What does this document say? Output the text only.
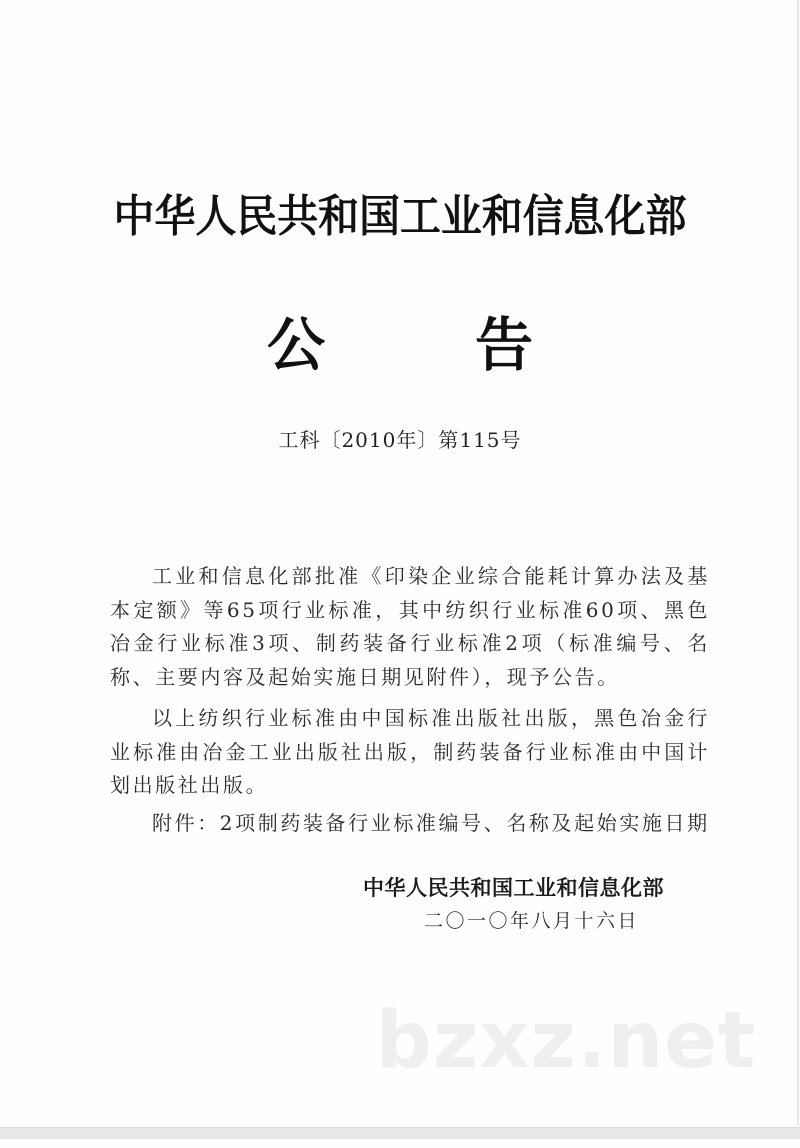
中华人民共和国工业和信息化部
公	告
工科〔2010年〕第115号

工业和信息化部批准《印染企业综合能耗计算办法及基本定额》等65项行业标准，其中纺织行业标准60项、黑色冶金行业标准3项、制药装备行业标准2项（标准编号、名称、主要内容及起始实施日期见附件），现予公告。

以上纺织行业标准由中国标准出版社出版，黑色冶金行业标准由冶金工业出版社出版，制药装备行业标准由中国计划出版社出版。

附件：2项制药装备行业标准编号、名称及起始实施日期

中华人民共和国工业和信息化部
二〇一〇年八月十六日
bzxz.net
